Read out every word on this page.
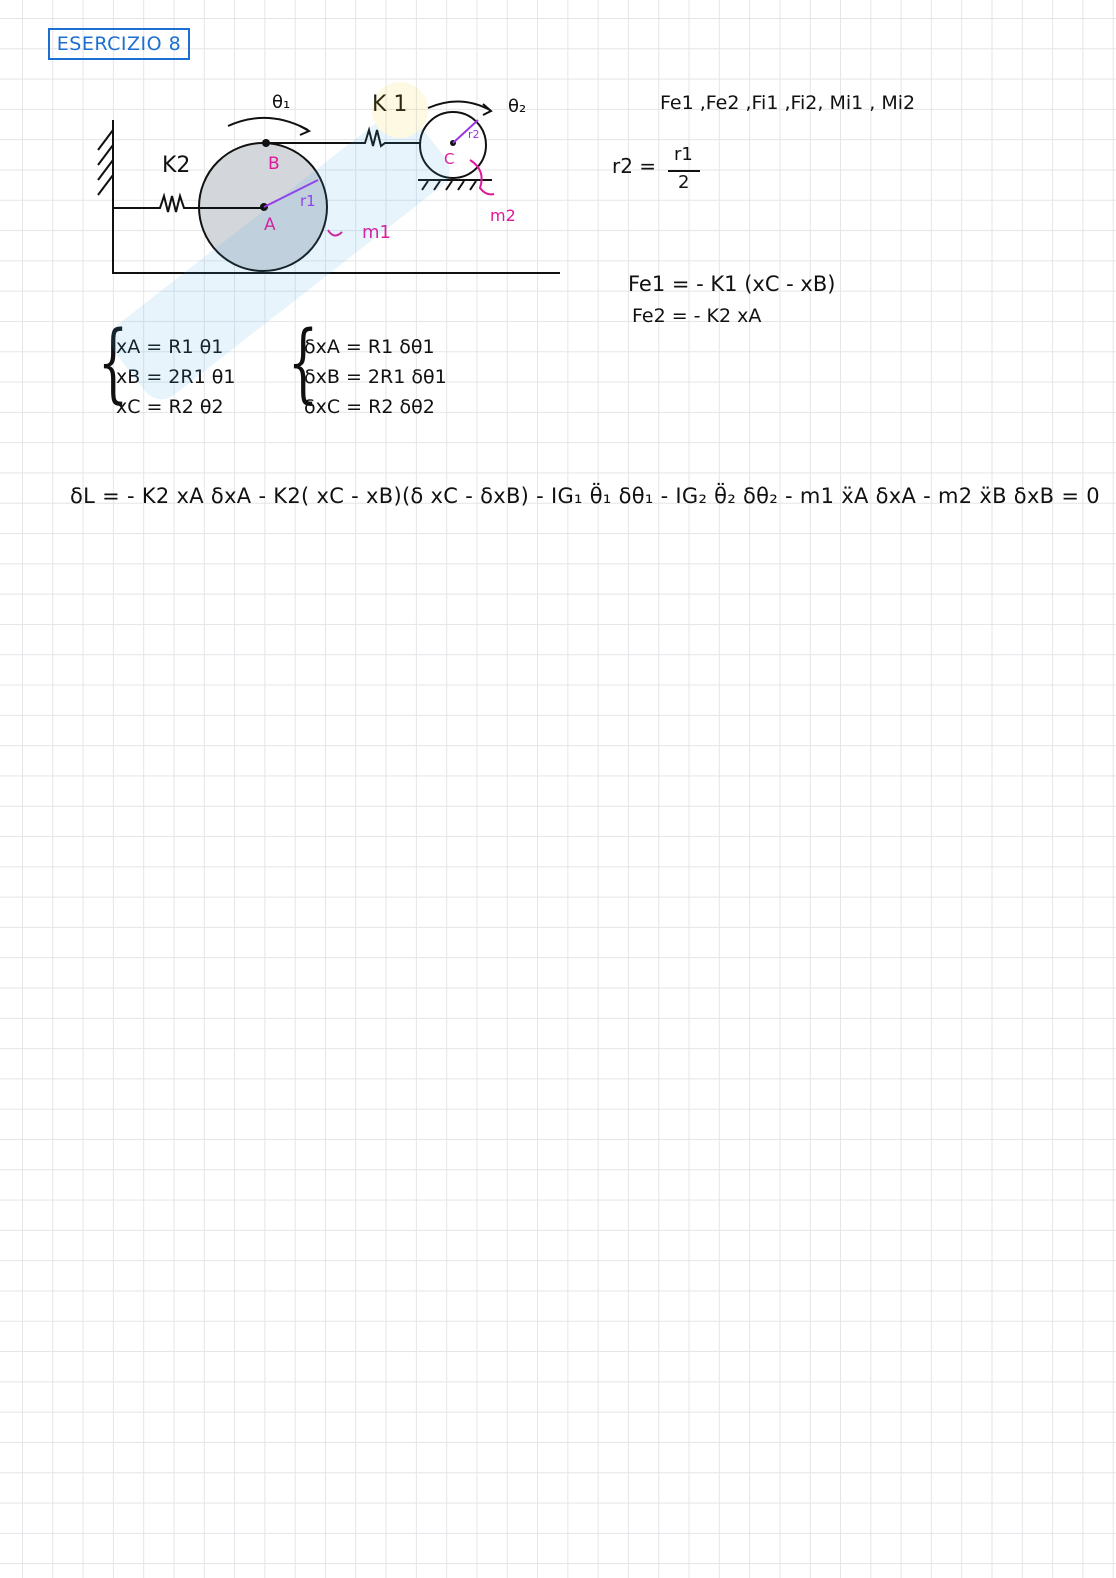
ESERCIZIO 8
θ₁	θ₂
K 1
K2	B
A
C
r1
r2
m1
m2
Fe1 ,Fe2 ,Fi1 ,Fi2, Mi1 , Mi2
r2 = r1
2
Fe1 = - K1 (xC - xB)
Fe2 = - K2 xA
{
xA = R1 θ1
xB = 2R1 θ1
xC = R2 θ2 {
δxA = R1 δθ1
δxB = 2R1 δθ1
δxC = R2 δθ2
δL = - K2 xA δxA - K2( xC - xB)(δ xC - δxB) - IG₁ θ̈₁ δθ₁ - IG₂ θ̈₂ δθ₂ - m1 ẍA δxA - m2 ẍB δxB = 0
